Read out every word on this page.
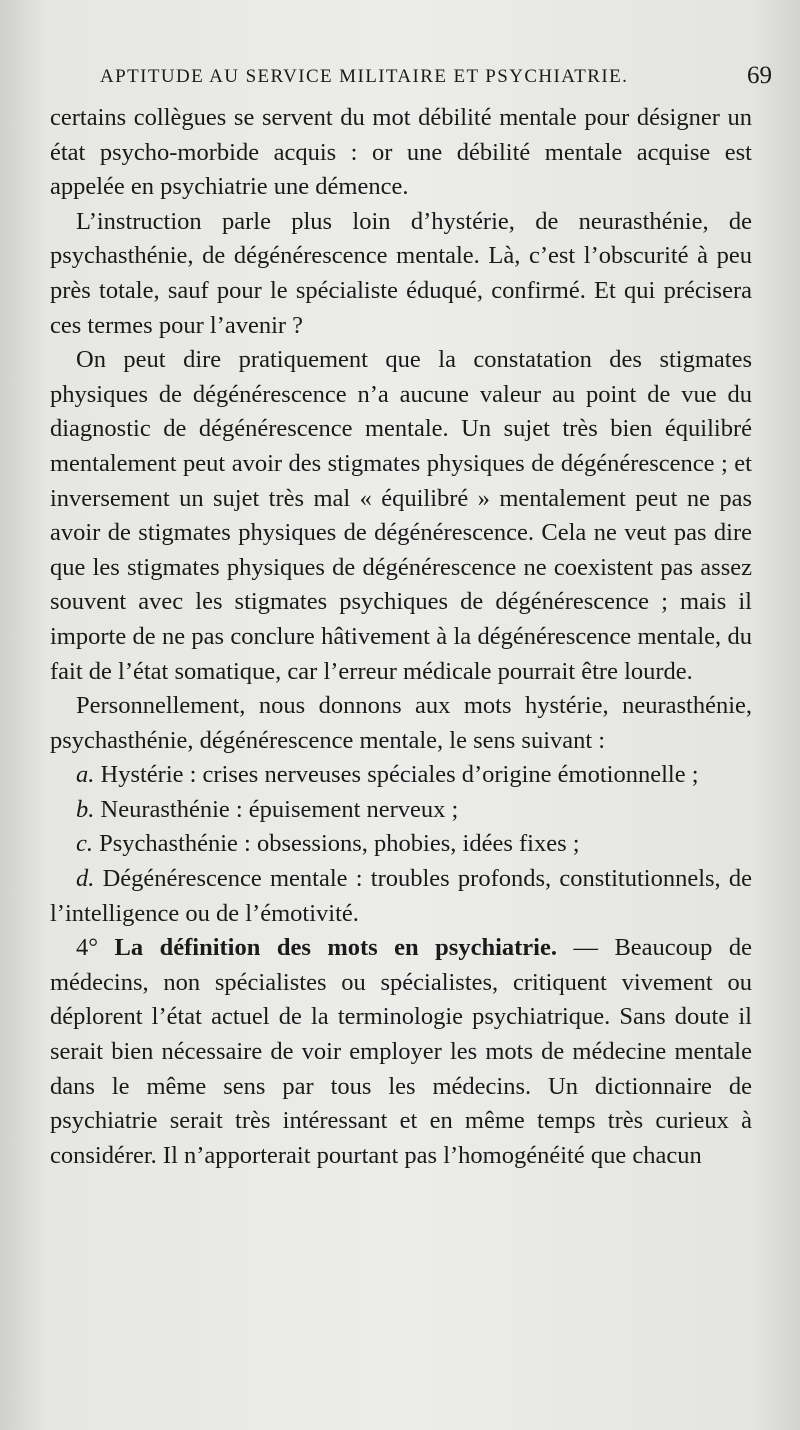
APTITUDE AU SERVICE MILITAIRE ET PSYCHIATRIE.	69

certains collègues se servent du mot débilité mentale pour désigner un état psycho-morbide acquis : or une débilité mentale acquise est appelée en psychiatrie une démence.

L’instruction parle plus loin d’hystérie, de neurasthénie, de psychasthénie, de dégénérescence mentale. Là, c’est l’obscurité à peu près totale, sauf pour le spécialiste éduqué, confirmé. Et qui précisera ces termes pour l’avenir ?

On peut dire pratiquement que la constatation des stigmates physiques de dégénérescence n’a aucune valeur au point de vue du diagnostic de dégénérescence mentale. Un sujet très bien équilibré mentalement peut avoir des stigmates physiques de dégénérescence ; et inversement un sujet très mal « équilibré » mentalement peut ne pas avoir de stigmates physiques de dégénérescence. Cela ne veut pas dire que les stigmates physiques de dégénérescence ne coexistent pas assez souvent avec les stigmates psychiques de dégénérescence ; mais il importe de ne pas conclure hâtivement à la dégénérescence mentale, du fait de l’état somatique, car l’erreur médicale pourrait être lourde.

Personnellement, nous donnons aux mots hystérie, neurasthénie, psychasthénie, dégénérescence mentale, le sens suivant :

a. Hystérie : crises nerveuses spéciales d’origine émotionnelle ;

b. Neurasthénie : épuisement nerveux ;

c. Psychasthénie : obsessions, phobies, idées fixes ;

d. Dégénérescence mentale : troubles profonds, constitutionnels, de l’intelligence ou de l’émotivité.

4° La définition des mots en psychiatrie. — Beaucoup de médecins, non spécialistes ou spécialistes, critiquent vivement ou déplorent l’état actuel de la terminologie psychiatrique. Sans doute il serait bien nécessaire de voir employer les mots de médecine mentale dans le même sens par tous les médecins. Un dictionnaire de psychiatrie serait très intéressant et en même temps très curieux à considérer. Il n’apporterait pourtant pas l’homogénéité que chacun
